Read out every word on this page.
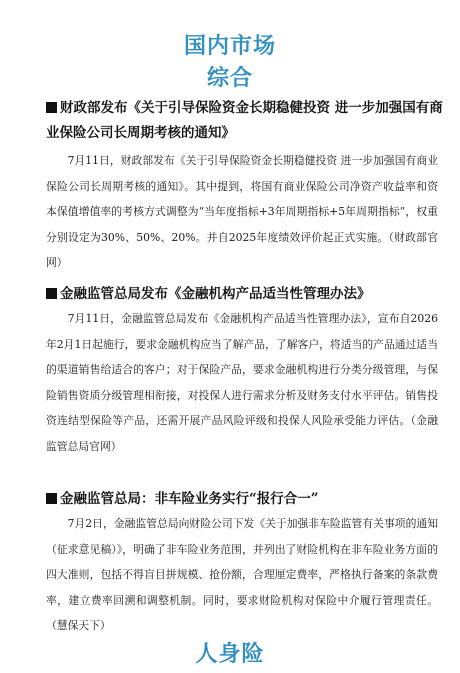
国内市场
综合
财政部发布《关于引导保险资金长期稳健投资 进一步加强国有商业保险公司长周期考核的通知》
7月11日，财政部发布《关于引导保险资金长期稳健投资 进一步加强国有商业保险公司长周期考核的通知》。其中提到，将国有商业保险公司净资产收益率和资本保值增值率的考核方式调整为“当年度指标+3年周期指标+5年周期指标”，权重分别设定为30%、50%、20%。并自2025年度绩效评价起正式实施。（财政部官网）
金融监管总局发布《金融机构产品适当性管理办法》
7月11日，金融监管总局发布《金融机构产品适当性管理办法》，宣布自2026年2月1日起施行，要求金融机构应当了解产品，了解客户，将适当的产品通过适当的渠道销售给适合的客户；对于保险产品，要求金融机构进行分类分级管理，与保险销售资质分级管理相衔接，对投保人进行需求分析及财务支付水平评估。销售投资连结型保险等产品，还需开展产品风险评级和投保人风险承受能力评估。（金融监管总局官网）
金融监管总局：非车险业务实行“报行合一”
7月2日，金融监管总局向财险公司下发《关于加强非车险监管有关事项的通知（征求意见稿）》，明确了非车险业务范围，并列出了财险机构在非车险业务方面的四大准则，包括不得盲目拼规模、抢份额，合理厘定费率，严格执行备案的条款费率，建立费率回溯和调整机制。同时，要求财险机构对保险中介履行管理责任。（慧保天下）
人身险
